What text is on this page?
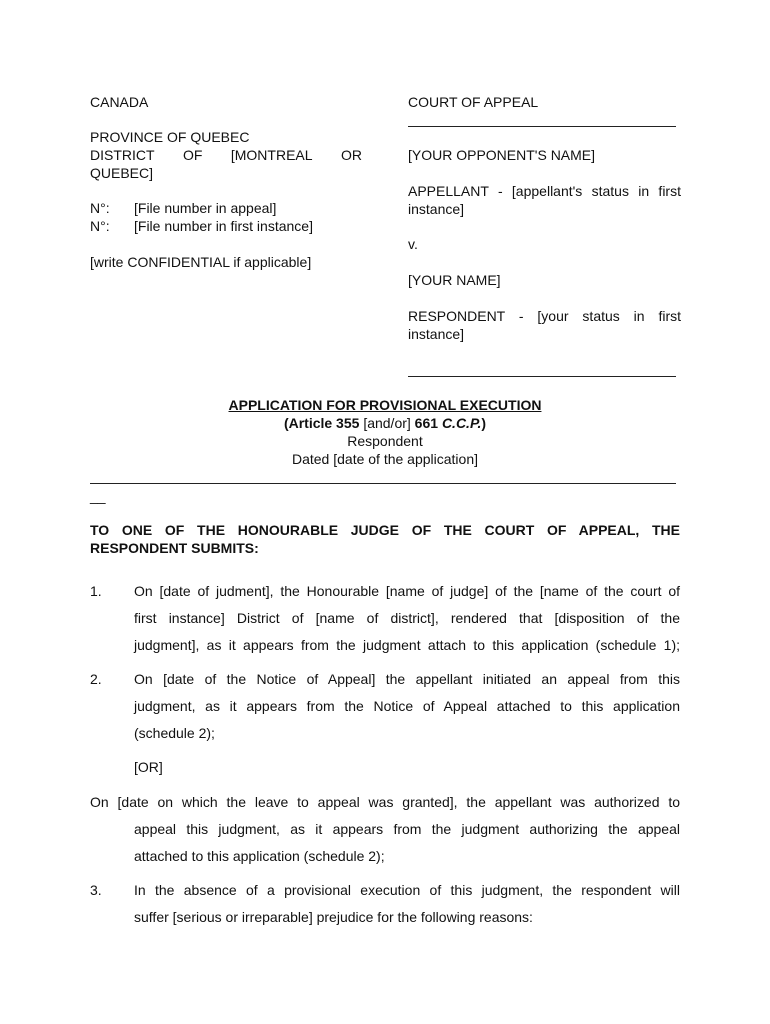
CANADA
PROVINCE OF QUEBEC
DISTRICT OF [MONTREAL OR
QUEBEC]
N°: [File number in appeal]
N°: [File number in first instance]
[write CONFIDENTIAL if applicable]
COURT OF APPEAL
[YOUR OPPONENT'S NAME]
APPELLANT - [appellant's status in first
instance]
v.
[YOUR NAME]
RESPONDENT - [your status in first
instance]
APPLICATION FOR PROVISIONAL EXECUTION
(Article 355 [and/or] 661 C.C.P.)
Respondent
Dated [date of the application]
__
TO ONE OF THE HONOURABLE JUDGE OF THE COURT OF APPEAL, THE
RESPONDENT SUBMITS:
1. On [date of judment], the Honourable [name of judge] of the [name of the court of
first instance] District of [name of district], rendered that [disposition of the
judgment], as it appears from the judgment attach to this application (schedule 1);
2. On [date of the Notice of Appeal] the appellant initiated an appeal from this
judgment, as it appears from the Notice of Appeal attached to this application
(schedule 2);
[OR]
On [date on which the leave to appeal was granted], the appellant was authorized to
appeal this judgment, as it appears from the judgment authorizing the appeal
attached to this application (schedule 2);
3. In the absence of a provisional execution of this judgment, the respondent will
suffer [serious or irreparable] prejudice for the following reasons:
